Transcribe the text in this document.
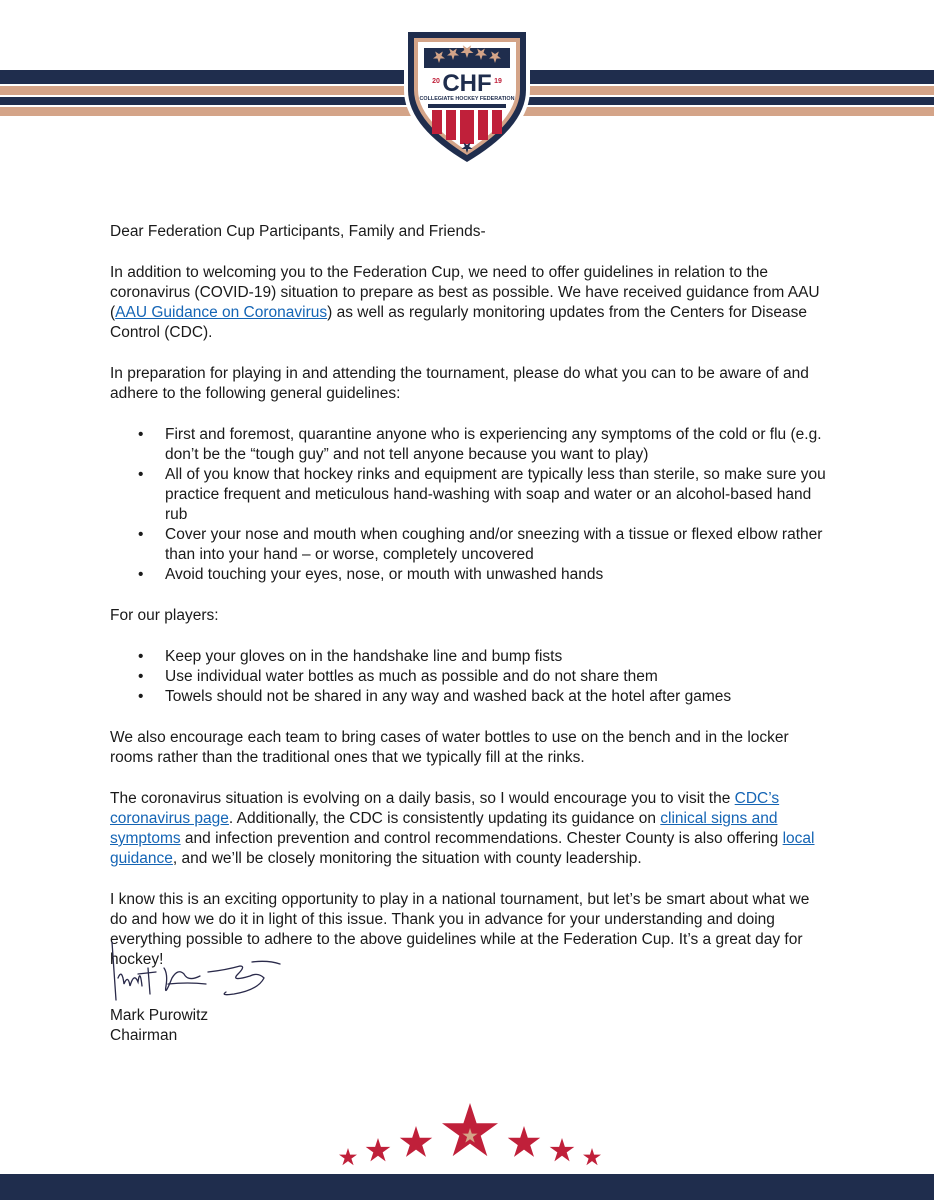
CHF
20	19
COLLEGIATE HOCKEY FEDERATION

Dear Federation Cup Participants, Family and Friends-

In addition to welcoming you to the Federation Cup, we need to offer guidelines in relation to the coronavirus (COVID-19) situation to prepare as best as possible. We have received guidance from AAU (AAU Guidance on Coronavirus) as well as regularly monitoring updates from the Centers for Disease Control (CDC).

In preparation for playing in and attending the tournament, please do what you can to be aware of and adhere to the following general guidelines:

• First and foremost, quarantine anyone who is experiencing any symptoms of the cold or flu (e.g. don’t be the “tough guy” and not tell anyone because you want to play)
• All of you know that hockey rinks and equipment are typically less than sterile, so make sure you practice frequent and meticulous hand-washing with soap and water or an alcohol-based hand rub
• Cover your nose and mouth when coughing and/or sneezing with a tissue or flexed elbow rather than into your hand – or worse, completely uncovered
• Avoid touching your eyes, nose, or mouth with unwashed hands

For our players:

• Keep your gloves on in the handshake line and bump fists
• Use individual water bottles as much as possible and do not share them
• Towels should not be shared in any way and washed back at the hotel after games

We also encourage each team to bring cases of water bottles to use on the bench and in the locker rooms rather than the traditional ones that we typically fill at the rinks.

The coronavirus situation is evolving on a daily basis, so I would encourage you to visit the CDC’s coronavirus page. Additionally, the CDC is consistently updating its guidance on clinical signs and symptoms and infection prevention and control recommendations. Chester County is also offering local guidance, and we’ll be closely monitoring the situation with county leadership.

I know this is an exciting opportunity to play in a national tournament, but let’s be smart about what we do and how we do it in light of this issue. Thank you in advance for your understanding and doing everything possible to adhere to the above guidelines while at the Federation Cup. It’s a great day for hockey!

Mark Purowitz
Chairman
